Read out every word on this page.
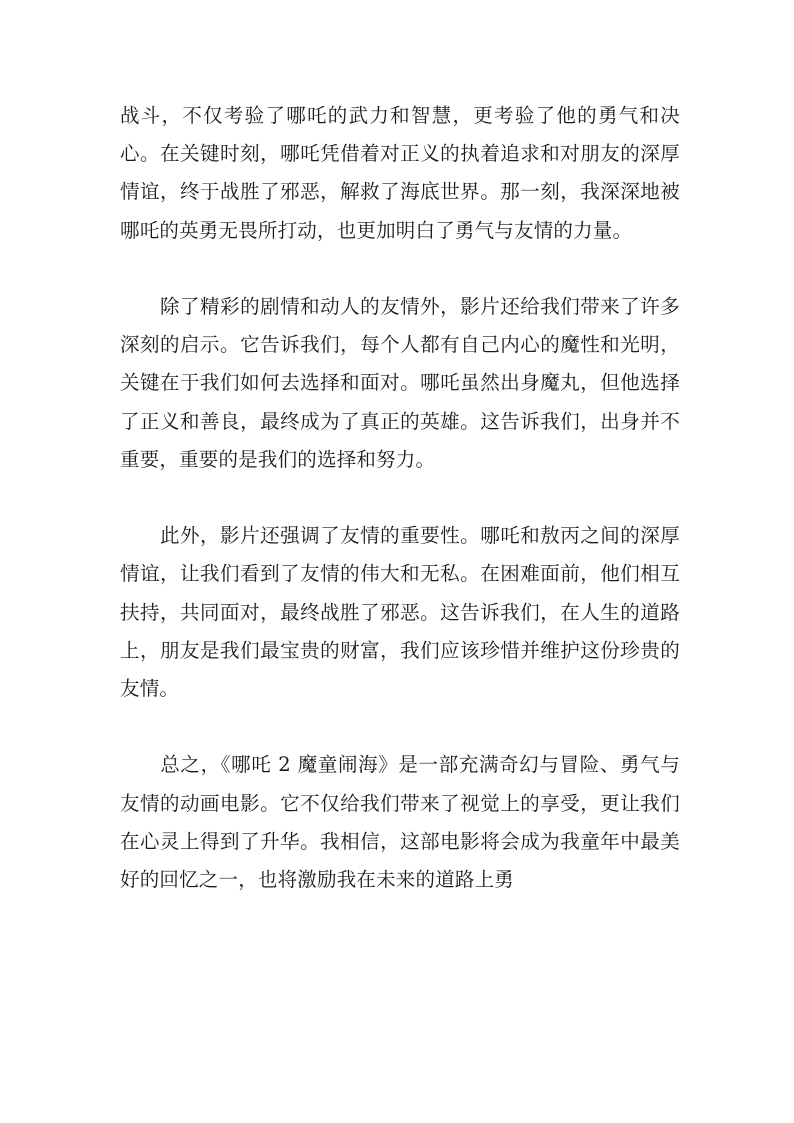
战斗，不仅考验了哪吒的武力和智慧，更考验了他的勇气和决心。在关键时刻，哪吒凭借着对正义的执着追求和对朋友的深厚情谊，终于战胜了邪恶，解救了海底世界。那一刻，我深深地被哪吒的英勇无畏所打动，也更加明白了勇气与友情的力量。

　　除了精彩的剧情和动人的友情外，影片还给我们带来了许多深刻的启示。它告诉我们，每个人都有自己内心的魔性和光明，关键在于我们如何去选择和面对。哪吒虽然出身魔丸，但他选择了正义和善良，最终成为了真正的英雄。这告诉我们，出身并不重要，重要的是我们的选择和努力。

　　此外，影片还强调了友情的重要性。哪吒和敖丙之间的深厚情谊，让我们看到了友情的伟大和无私。在困难面前，他们相互扶持，共同面对，最终战胜了邪恶。这告诉我们，在人生的道路上，朋友是我们最宝贵的财富，我们应该珍惜并维护这份珍贵的友情。

　　总之，《哪吒 2 魔童闹海》是一部充满奇幻与冒险、勇气与友情的动画电影。它不仅给我们带来了视觉上的享受，更让我们在心灵上得到了升华。我相信，这部电影将会成为我童年中最美好的回忆之一，也将激励我在未来的道路上勇
